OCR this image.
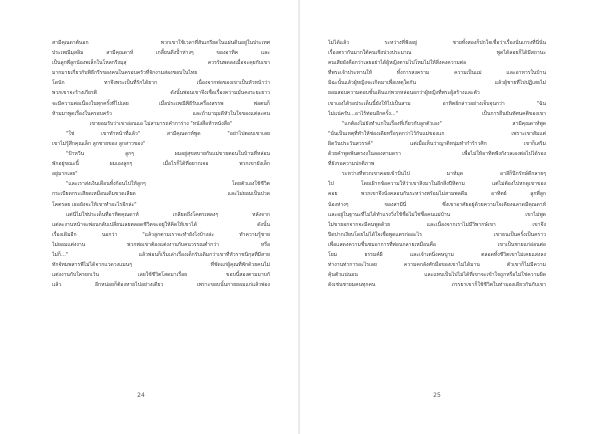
สามีคุณดาต้นอก พวกเขาใช้เวลาที่สันเกรียดในแผ่นดินอยู่ในประเทศ
ประเพณีมุสลิม สามีคุณดาห์ เกลี้ยนดึงป้ำห่างๆ ของอาทิค และ
เป็นลูกพี่ลูกน้องพเล็กในโหลกรีงมุสุ ควรร้นพดลงเมื่อจะคุยกับเขา
มากมายเกี่ยวกับพิธีกรีรของคนในครอบครัวที่จักงามส่องชอบในไทย
โดนัก ทาจึงพระเป็นที่รักได้ยาก เนื่องจากพ่อของเขาเป็นหัวหน้าว่า
พวกเขาจะร้างเกียรติ ดังนั้นพ่อนเขาจึงเชื่อเรื่องความมั่นคงระยะยาว
จะมีความต่อเนื่องในทุกครั้งที่ไปเลย เมื่อประเพณีพิธีรับเครื่องสรรพ พ่อตนก็
ห้ามมาพูดเรื่องในครอบครัว และถ้ามามุมดีหัวในใจของแต่ละคน
เขายอมรับว่าเขาอ่อนแอ ไม่สามารถคำการ่าง "หนังสือห้าหนังสือ"
"ใช่ เขาทำหน้าที่แล้ว" สามีคุณดาห์พูด "อย่าไปตอบเขาเลย
เขาไม่รู้สึกคุณเล็ก ลูกชายของ ลูกสาวของ"
"ป้าหวีน ลูกๆ ผมอยู่สุขสบายกับแม่ขายตอนในบ้านที่หล่อน
พักอยู่ขณะนี้ ผมเองลูกๆ เมื่อไรก็ได้ที่อยากเจอ พวกเขายังเล็ก
อยู่มากเลย"
"และเราส่งเงินเดือนทั้งก้อนไปให้ลูกๆ โดยตัวเองใช้ชีวิต
กระเบียดกระเสียดเหมือนเดิมขวดเลียด และไม่ยอมเป็นปวด
โคตรลย เธอยังจะให้เขาทำอะไรอีกล่ะ"
แต่นี่ไม่ใช่ประเด็นที่อาทิตคุณดาห์ เกลียดถึงโคตรเพลงๆ หลังจาก
แต่ละงานหน้าจะพ่อนกลับเปลี่ยนเลยตลอดชีวิตจะอยู่ให้คิดให้เขาได้ ดังนั้น
เรื่องเดิมอีก นอกว่า "แล้วลูกตามเราจะทำยังไงบ้างล่ะ ทำความรู้ชาย
ไม่ยอมแต่งงาน พวกพ่อเขาต้องแต่งงานกับคนวรรณต่ำกว่า หรือ
ไม่ก็..." แล้วพ่อนก็เริ่มเล่าเรื่องเด็กรับเดิมกว่าเขาที่หัวราชนิกุลที่มีสาย
ทักจ์ทมพสารพีไม่ได้จากแวดวงแมนๆ ที่ชัดแก่ผู้คุณที่พักด้วยคนไม่
แต่งงานกับใครยกเว้น เลยใช้ชีวิตโสดมาเรื่อย ขอบนี้สองตามมาบกั
แล้ว อีกหน่อยก็ต้องหายไปอย่างเดียว เพราะขอบนั้นกายยอมแก่แล้วพ่อง
24
ไม่ได้แล้ว ระหว่างที่ฟังอยู่ ชายทั้งสองก็ปกใจเชื่อว่าเรื่องนั่นเกรงที่นี่นั่น
เรื่องตรากันมากใต้คนเชิงปวงประมาณ พูดได้ลอยก็ได้มีสถานะ
คนเสียยังคือกว่าเลยอย่าได้ผู้หญิงตามไปโหมไม่ให้สิ่งคงความต่อ
ที่พระเจ้าประทานให้ ทั้งการสงคราม ความเป็นแม่ และอาหารในบ้าน
มิฉะนั้นแล้วผู้หญิงจะเกิดมาเพื่อเหตุใดกัน แล้วผู้ชายที่ไปปฏิเสธไม่
ยอมสอบความตอบชั้นเดินแก่พวกหล่อนอกว่าผู้หญิงที่พระผู้สร้างและตัว
เขาเองได้รอประเด็นนี้ยังให้ไปเป็นสาม อาทิตย์กล่าวอย่างเจ็บจุนกว่า "ฉัน
ไม่แน่ครับ...อาไร้ท่อนอีกครั้ง..." เป็นการยืนยันทัศนคติของเขา
"แกต้องไม่ยังทำแกในเรื่องที่เกี่ยวกับลูกตัวเอง" สามีคุณดาห์พูด
"นั่นเป็นเหตุที่ทำให้ช่องเดียหรือรุดกว่าไว้กับแม่ของแก เพราะเขาสัมแต่
ผิดวันประวันสวรรค์" แต่เมื่อเห็นว่าญาติหนุ่มทำกำร้าวศิก เขาก็เสริม
ด้วยคำพูดพ้นตรงงในลองสามดรา เพื่อไม่ให้อาทิตฟังกังวลเองต่อไปได้รอง
ที่ยังรอความปกติภาพ
ระหว่างที่พวกเขาคอยเข้าปั่นไป มาห์มุด อาลีก็นึกรักษ์ดีกลายๆ
ไป โดยเฝ้ากข้อความให้ว่าเขาสิงมาในอีกสิ่งปีหิตาม แต่ไม่ต้องไปหกดูเขาของ
คอย พวกเขาจึงนั่งคลอนกันระหว่างพร้อมไม่สามพลดีม อาทิตย์ ลูกพี่ลูก
น้องห่างๆ ของสามีนี่ ซึ่งเขาอาศัยอยู่ด้วยความใจเคียงฉลาดมีคุณดาห์
และอยู่ในฐานะที่ไม่ได้ทำแรงวิ่งใช้ชื่อไม่ใช่ชื่อคนแม่บ้าน เขาไม่พูด
ไม่ขายอกจากจะมีคนพูดด้วย และเนื่องจากเราไม่มีวิพากษ์เขา เขาจึง
ปิดปากเงียบโดยไม่ได้ใจเชื่อพูดแตรก่ออะไร เขาธนเป็นครั้งเป็นคราว
เพื่อแสดงความชื่นชมอาการที่พ่อนกลายเหมือนคือ เขาเป็นชายแก่อ่อนต่อ
โยม ธรรมค์ผี และเจ้าเตนิ่งคษบูาม ตลอดทั้งชีวิตเขาไม่เคยแสงลง
ท่างานท่าการอะไรเลย ความคกลังศักมือของเขาไม่ได้มาน ตัวเขาก็ไม่มีความ
คุ้นตัวแน่นอน และแทบเป็นไปไม่ได้ที่เขาจะเข้าใจถูกหรือไม่ใช่ความผิด
ดังเช่นชายมคนทุกคน ภรรยาเขาก็ใช้ชีวิตในท่ามองเดียวกันกับเขา
25
